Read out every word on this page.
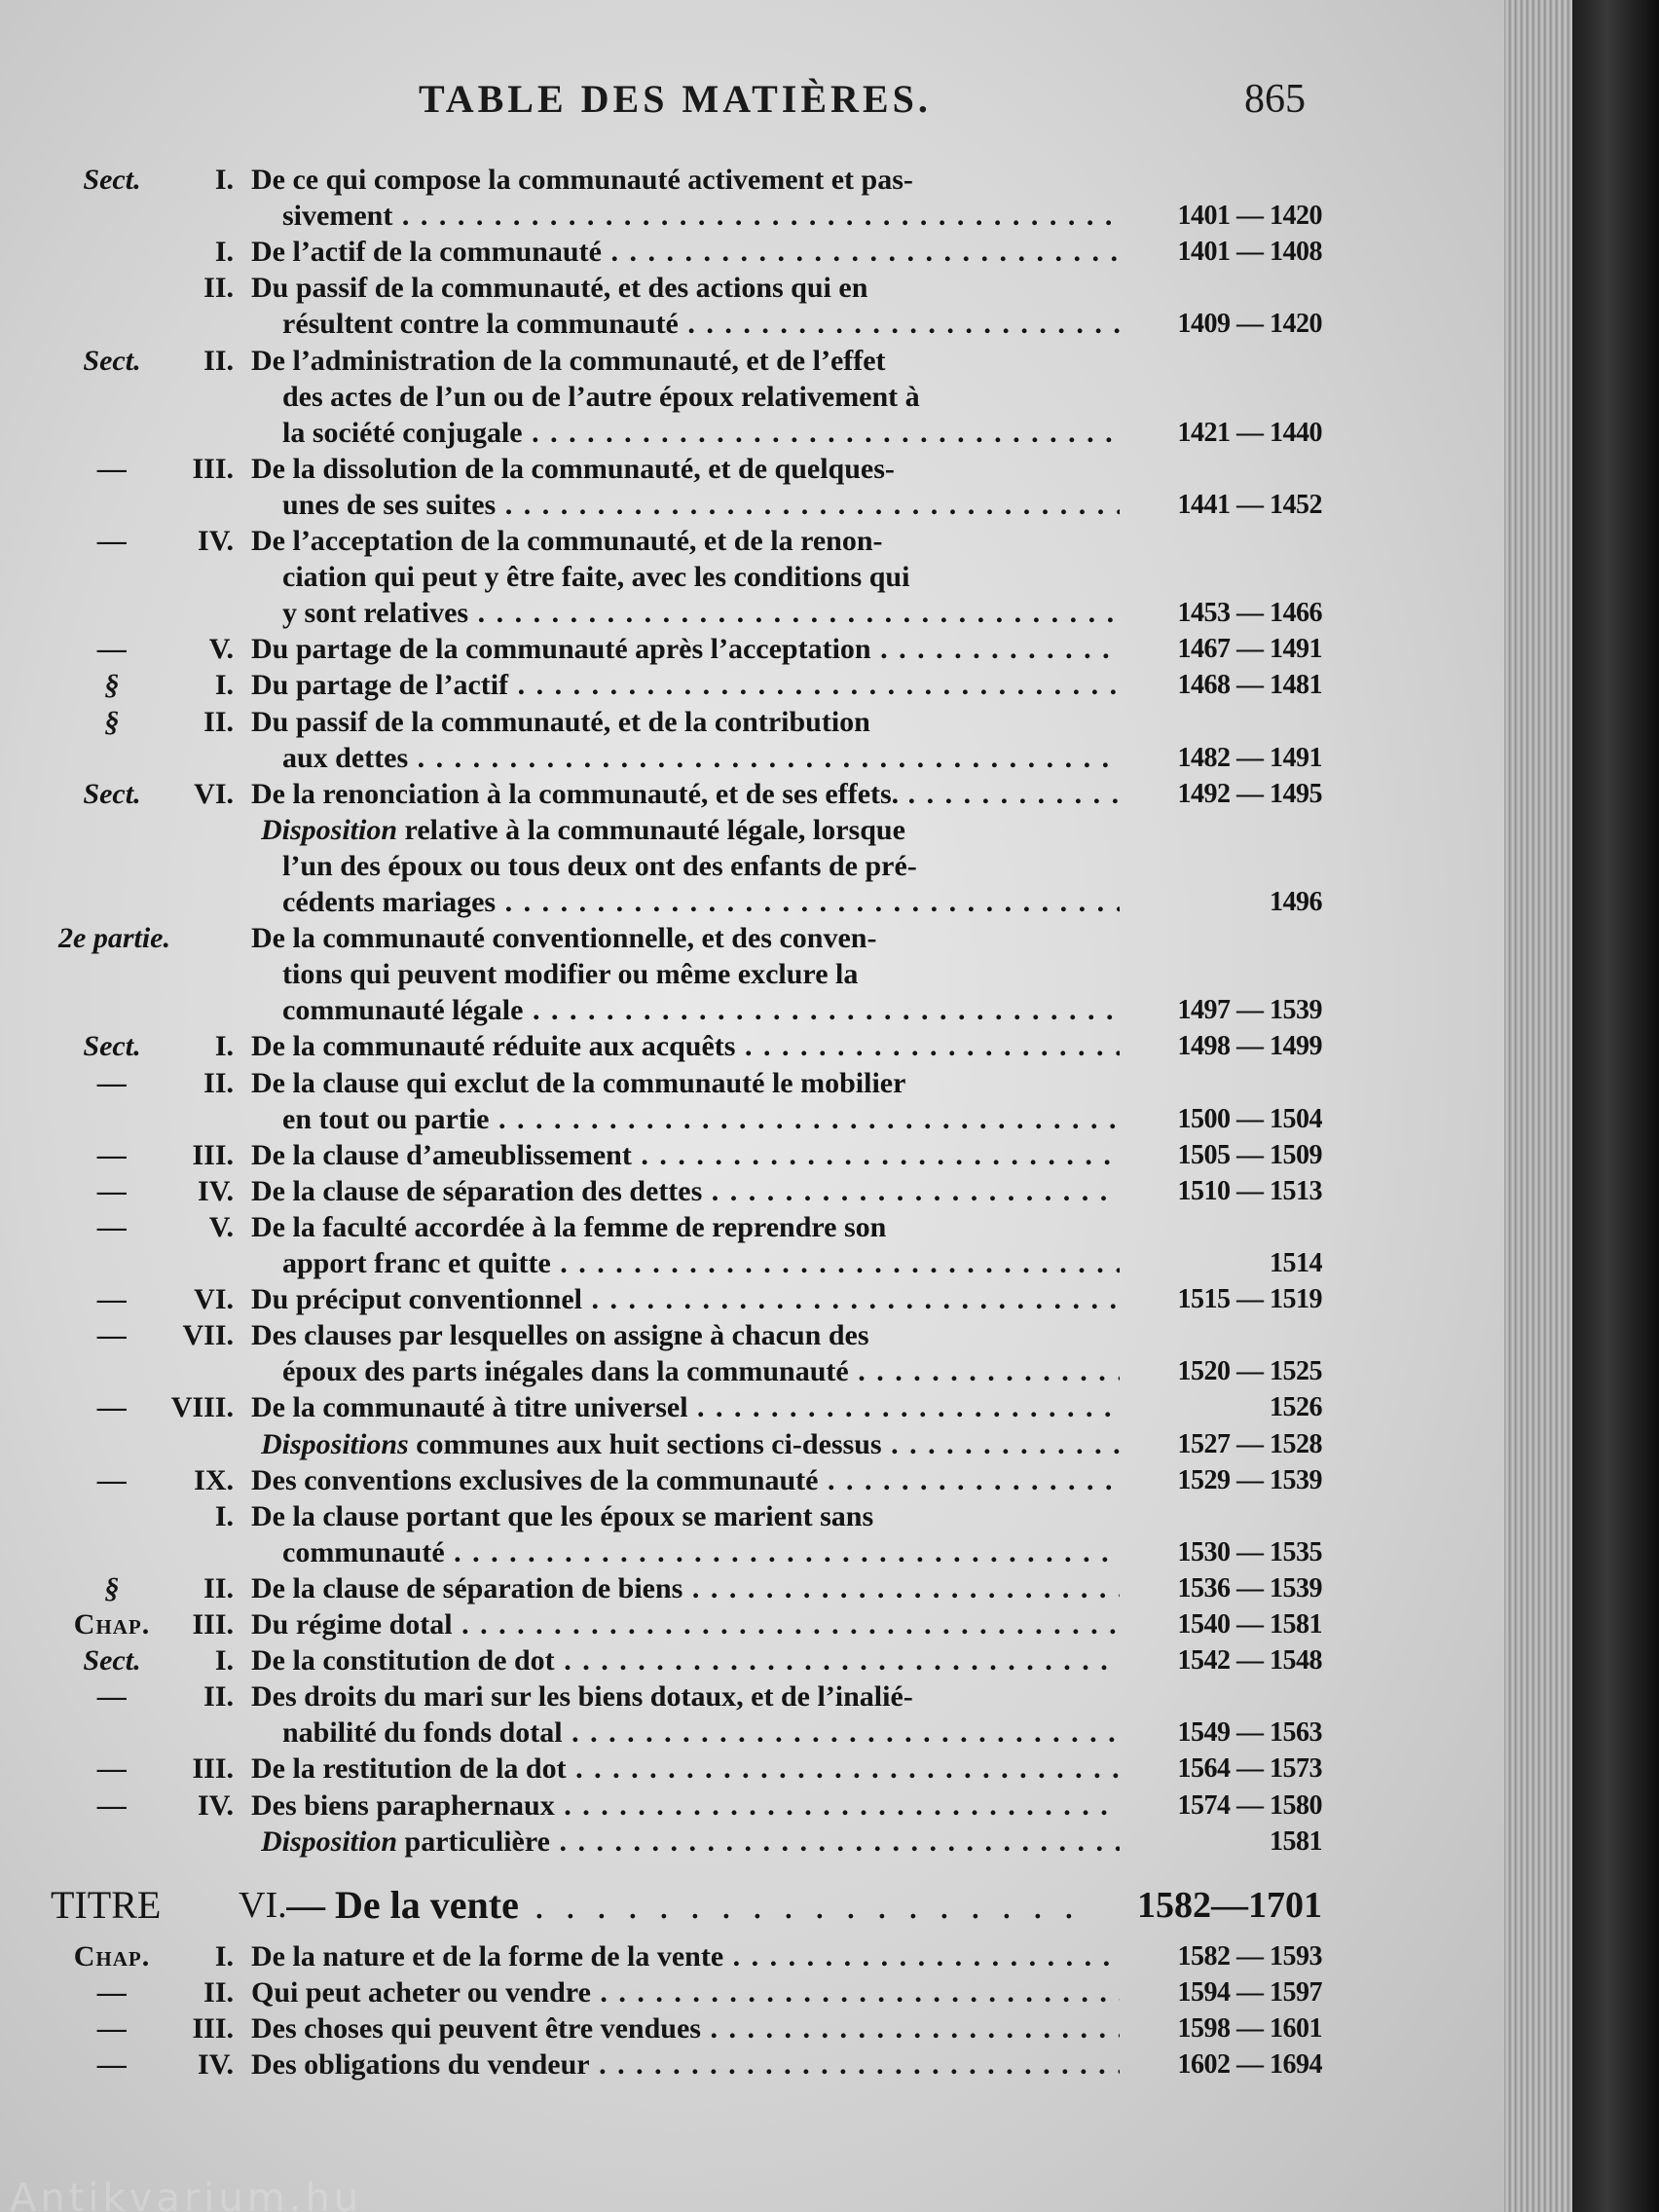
TABLE DES MATIÈRES.	865
Sect.	I. De ce qui compose la communauté activement et pas-
sivement . . .	1401 — 1420
I. De l’actif de la communauté . . .	1401 — 1408
II. Du passif de la communauté, et des actions qui en
résultent contre la communauté . . .	1409 — 1420
Sect.	II. De l’administration de la communauté, et de l’effet
des actes de l’un ou de l’autre époux relativement à
la société conjugale . . .	1421 — 1440
—	III. De la dissolution de la communauté, et de quelques-
unes de ses suites . . .	1441 — 1452
—	IV. De l’acceptation de la communauté, et de la renon-
ciation qui peut y être faite, avec les conditions qui
y sont relatives . . .	1453 — 1466
—	V. Du partage de la communauté après l’acceptation . . .	1467 — 1491
§	I. Du partage de l’actif . . .	1468 — 1481
§	II. Du passif de la communauté, et de la contribution
aux dettes . . .	1482 — 1491
Sect.	VI. De la renonciation à la communauté, et de ses effets. . . .	1492 — 1495
Disposition relative à la communauté légale, lorsque
l’un des époux ou tous deux ont des enfants de pré-
cédents mariages . . .	1496
2e partie.	De la communauté conventionnelle, et des conven-
tions qui peuvent modifier ou même exclure la
communauté légale . . .	1497 — 1539
Sect.	I. De la communauté réduite aux acquêts . . .	1498 — 1499
—	II. De la clause qui exclut de la communauté le mobilier
en tout ou partie . . .	1500 — 1504
—	III. De la clause d’ameublissement . . .	1505 — 1509
—	IV. De la clause de séparation des dettes . . .	1510 — 1513
—	V. De la faculté accordée à la femme de reprendre son
apport franc et quitte . . .	1514
—	VI. Du préciput conventionnel . . .	1515 — 1519
—	VII. Des clauses par lesquelles on assigne à chacun des
époux des parts inégales dans la communauté . . .	1520 — 1525
—	VIII. De la communauté à titre universel . . .	1526
Dispositions communes aux huit sections ci-dessus . . .	1527 — 1528
—	IX. Des conventions exclusives de la communauté . . .	1529 — 1539
I. De la clause portant que les époux se marient sans
communauté . . .	1530 — 1535
§	II. De la clause de séparation de biens . . .	1536 — 1539
Chap.	III. Du régime dotal . . .	1540 — 1581
Sect.	I. De la constitution de dot . . .	1542 — 1548
—	II. Des droits du mari sur les biens dotaux, et de l’inalié-
nabilité du fonds dotal . . .	1549 — 1563
—	III. De la restitution de la dot . . .	1564 — 1573
—	IV. Des biens paraphernaux . . .	1574 — 1580
Disposition particulière . . .	1581
TITRE VI. — De la vente . . .	1582—1701
Chap.	I. De la nature et de la forme de la vente . . .	1582 — 1593
—	II. Qui peut acheter ou vendre . . .	1594 — 1597
—	III. Des choses qui peuvent être vendues . . .	1598 — 1601
—	IV. Des obligations du vendeur . . .	1602 — 1694
Antikvarium.hu
